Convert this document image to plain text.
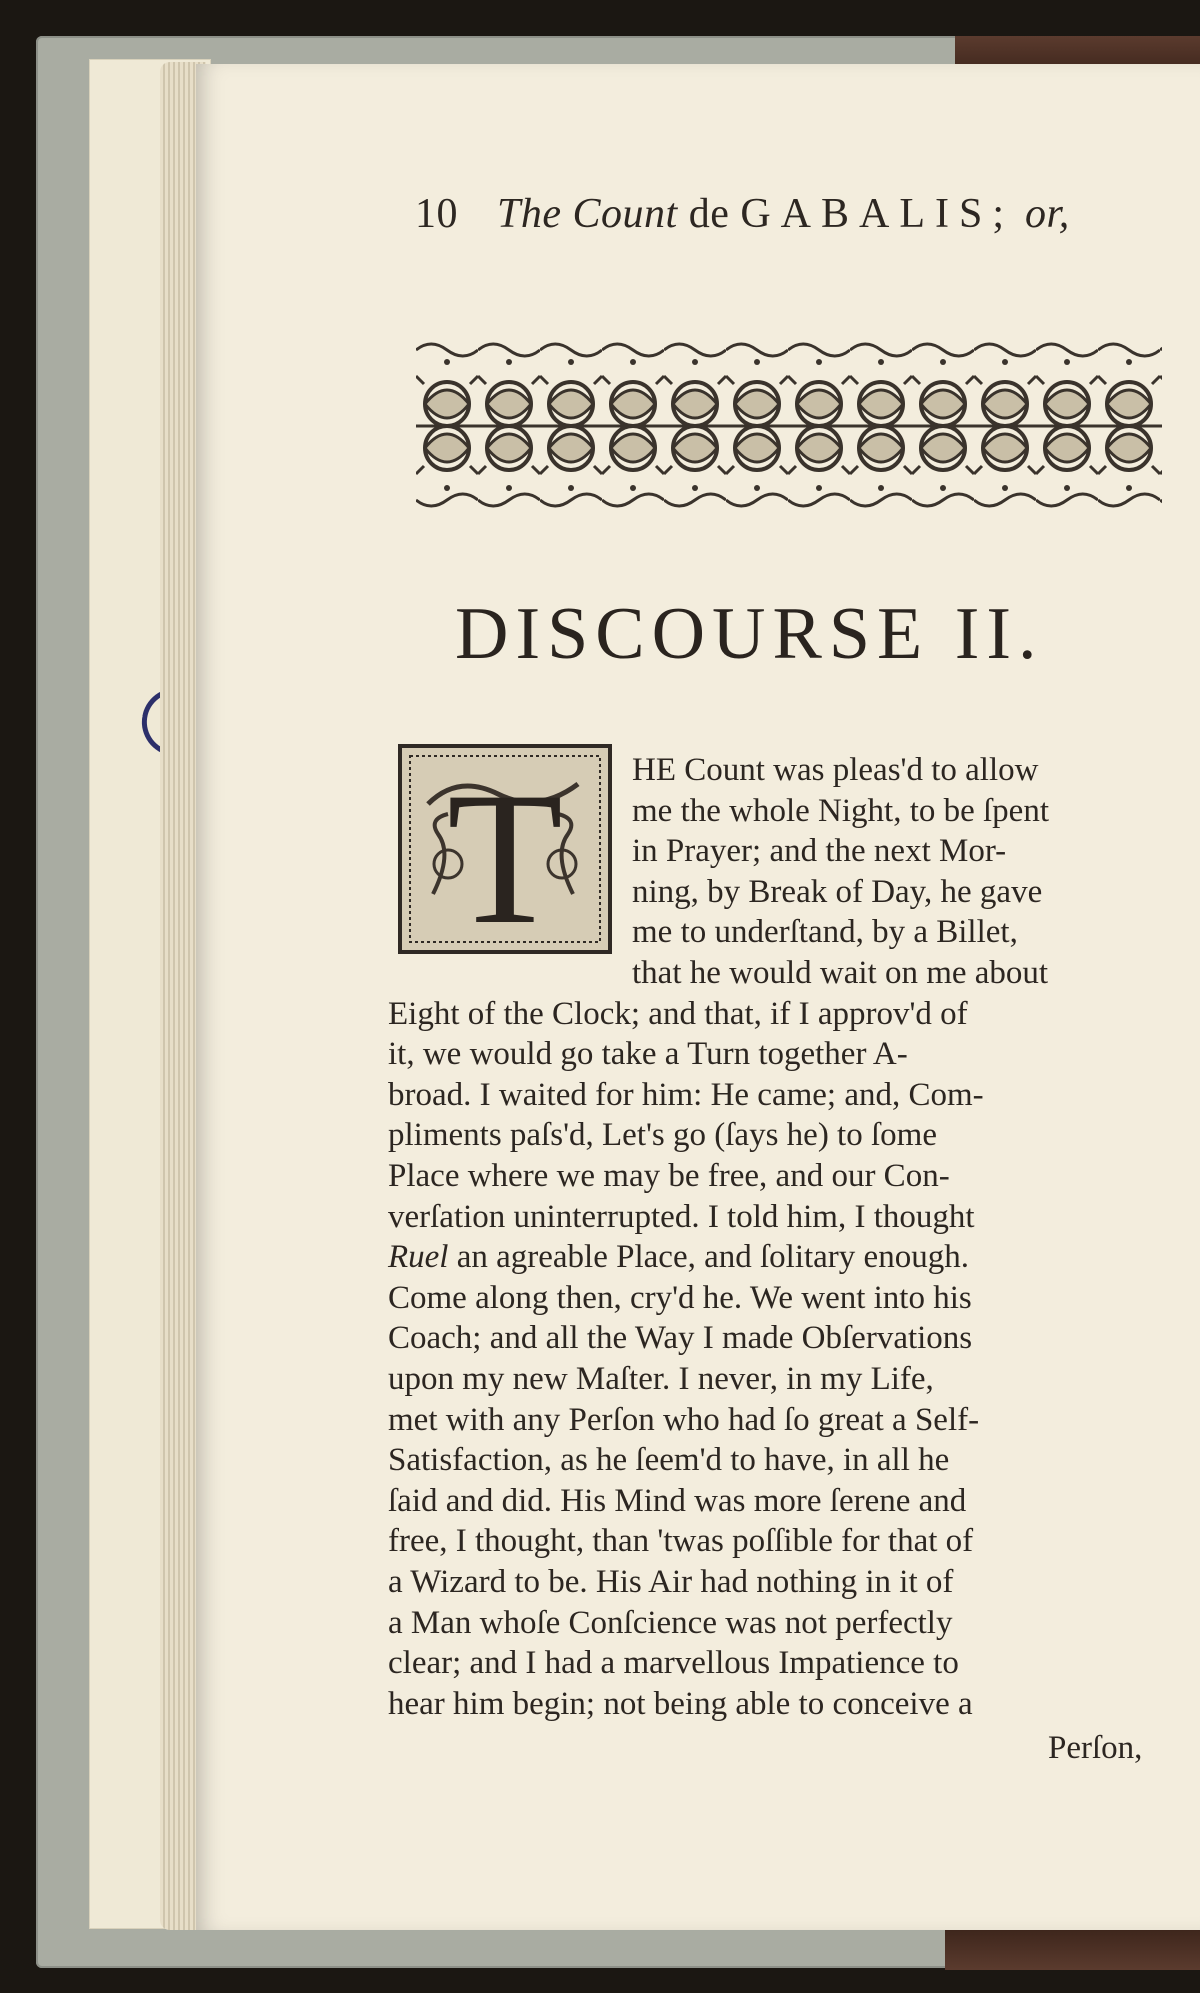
10 The Count de GABALIS; or,
DISCOURSE II.
T HE Count was pleas'd to allow
me the whole Night, to be ſpent
in Prayer; and the next Mor-
ning, by Break of Day, he gave
me to underſtand, by a Billet,
that he would wait on me about
Eight of the Clock; and that, if I approv'd of
it, we would go take a Turn together A-
broad. I waited for him: He came; and, Com-
pliments paſs'd, Let's go (ſays he) to ſome
Place where we may be free, and our Con-
verſation uninterrupted. I told him, I thought
Ruel an agreable Place, and ſolitary enough.
Come along then, cry'd he. We went into his
Coach; and all the Way I made Obſervations
upon my new Maſter. I never, in my Life,
met with any Perſon who had ſo great a Self-
Satisfaction, as he ſeem'd to have, in all he
ſaid and did. His Mind was more ſerene and
free, I thought, than 'twas poſſible for that of
a Wizard to be. His Air had nothing in it of
a Man whoſe Conſcience was not perfectly
clear; and I had a marvellous Impatience to
hear him begin; not being able to conceive a
Perſon,
